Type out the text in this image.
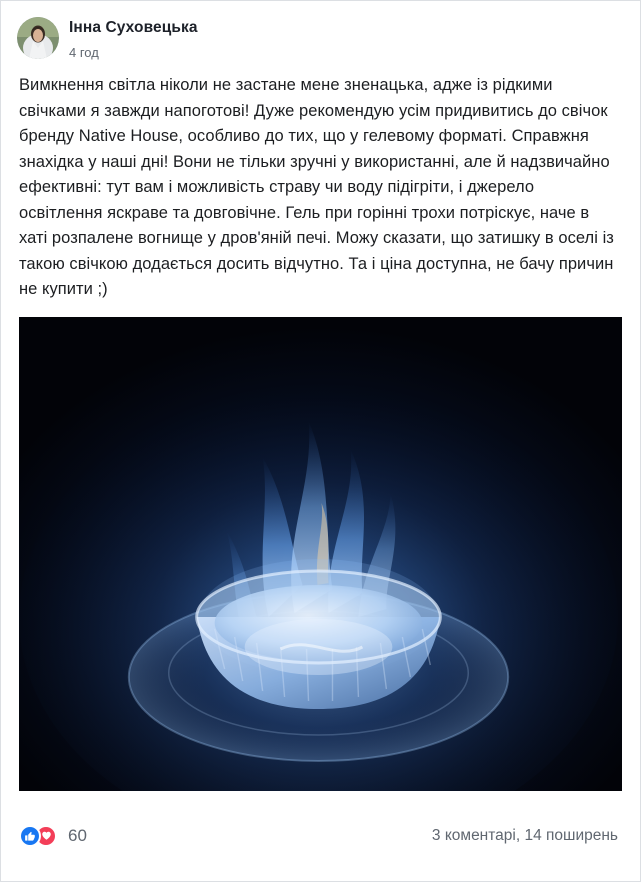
Інна Суховецька
4 год
Вимкнення світла ніколи не застане мене зненацька, адже із рідкими свічками я завжди напоготові! Дуже рекомендую усім придивитись до свічок бренду Native House, особливо до тих, що у гелевому форматі. Справжня знахідка у наші дні! Вони не тільки зручні у використанні, але й надзвичайно ефективні: тут вам і можливість страву чи воду підігріти, і джерело освітлення яскраве та довговічне. Гель при горінні трохи потріскує, наче в хаті розпалене вогнище у дров'яній печі. Можу сказати, що затишку в оселі із такою свічкою додається досить відчутно. Та і ціна доступна, не бачу причин не купити ;)
60	3 коментарі, 14 поширень
